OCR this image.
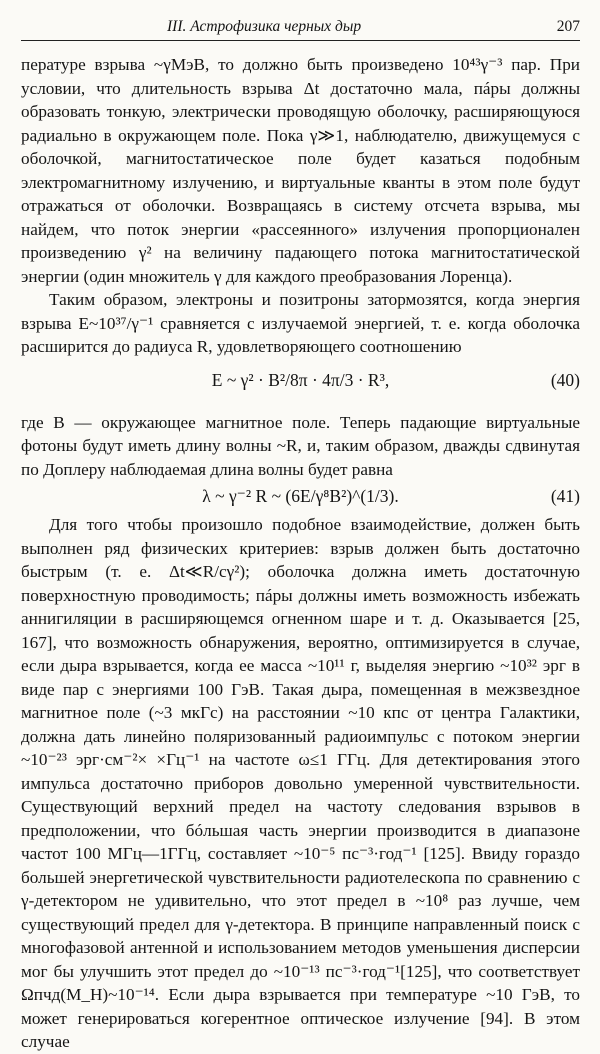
III. Астрофизика черных дыр	207

пературе взрыва ~γМэВ, то должно быть произведено 10⁴³γ⁻³ пар. При условии, что длительность взрыва Δt достаточно мала, пáры должны образовать тонкую, электрически проводящую оболочку, расширяющуюся радиально в окружающем поле. Пока γ≫1, наблюдателю, движущемуся с оболочкой, магнитостатическое поле будет казаться подобным электромагнитному излучению, и виртуальные кванты в этом поле будут отражаться от оболочки. Возвращаясь в систему отсчета взрыва, мы найдем, что поток энергии «рассеянного» излучения пропорционален произведению γ² на величину падающего потока магнитостатической энергии (один множитель γ для каждого преобразования Лоренца).

Таким образом, электроны и позитроны затормозятся, когда энергия взрыва E~10³⁷/γ⁻¹ сравняется с излучаемой энергией, т. е. когда оболочка расширится до радиуса R, удовлетворяющего соотношению

E ~ γ² · B²/8π · 4π/3 · R³,	(40)

где B — окружающее магнитное поле. Теперь падающие виртуальные фотоны будут иметь длину волны ~R, и, таким образом, дважды сдвинутая по Доплеру наблюдаемая длина волны будет равна

λ ~ γ⁻² R ~ (6E/γ⁸B²)^(1/3).	(41)

Для того чтобы произошло подобное взаимодействие, должен быть выполнен ряд физических критериев: взрыв должен быть достаточно быстрым (т. е. Δt≪R/cγ²); оболочка должна иметь достаточную поверхностную проводимость; пáры должны иметь возможность избежать аннигиляции в расширяющемся огненном шаре и т. д. Оказывается [25, 167], что возможность обнаружения, вероятно, оптимизируется в случае, если дыра взрывается, когда ее масса ~10¹¹ г, выделяя энергию ~10³² эрг в виде пар с энергиями 100 ГэВ. Такая дыра, помещенная в межзвездное магнитное поле (~3 мкГс) на расстоянии ~10 кпс от центра Галактики, должна дать линейно поляризованный радиоимпульс с потоком энергии ~10⁻²³ эрг·см⁻²× ×Гц⁻¹ на частоте ω≤1 ГГц. Для детектирования этого импульса достаточно приборов довольно умеренной чувствительности. Существующий верхний предел на частоту следования взрывов в предположении, что бóльшая часть энергии производится в диапазоне частот 100 МГц—1ГГц, составляет ~10⁻⁵ пс⁻³·год⁻¹ [125]. Ввиду гораздо большей энергетической чувствительности радиотелескопа по сравнению с γ-детектором не удивительно, что этот предел в ~10⁸ раз лучше, чем существующий предел для γ-детектора. В принципе направленный поиск с многофазовой антенной и использованием методов уменьшения дисперсии мог бы улучшить этот предел до ~10⁻¹³ пс⁻³·год⁻¹[125], что соответствует Ωпчд(M_H)~10⁻¹⁴. Если дыра взрывается при температуре ~10 ГэВ, то может генерироваться когерентное оптическое излучение [94]. В этом случае
